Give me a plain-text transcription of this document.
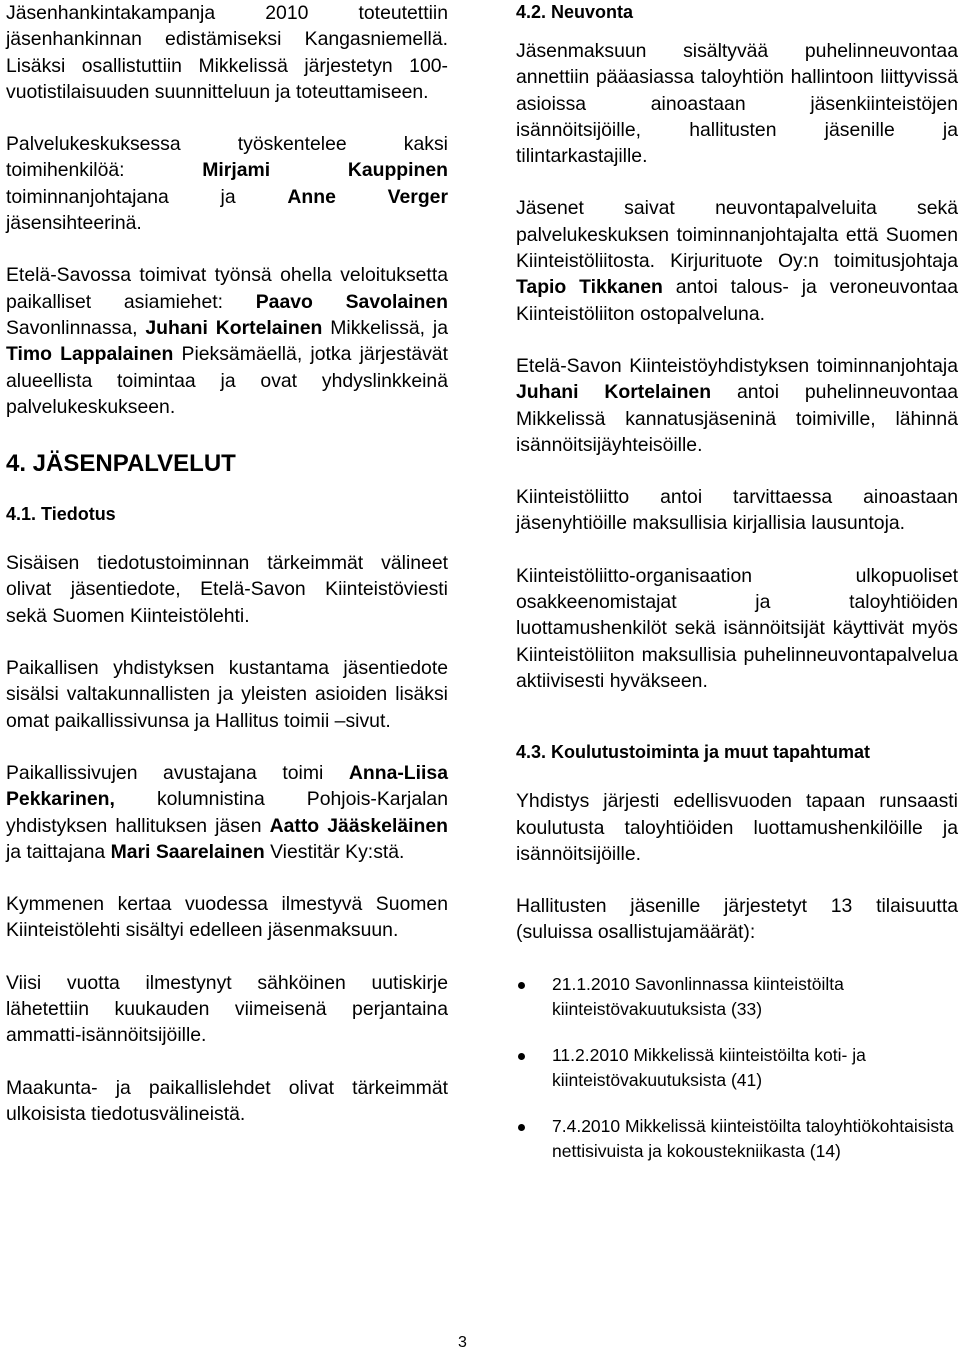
Jäsenhankintakampanja 2010 toteutettiin jäsenhankinnan edistämiseksi Kangasniemellä. Lisäksi osallistuttiin Mikkelissä järjestetyn 100-vuotistilaisuuden suunnitteluun ja toteuttamiseen.

Palvelukeskuksessa työskentelee kaksi toimihenkilöä: Mirjami Kauppinen toiminnanjohtajana ja Anne Verger jäsensihteerinä.

Etelä-Savossa toimivat työnsä ohella veloituksetta paikalliset asiamiehet: Paavo Savolainen Savonlinnassa, Juhani Kortelainen Mikkelissä, ja Timo Lappalainen Pieksämäellä, jotka järjestävät alueellista toimintaa ja ovat yhdyslinkkeinä palvelukeskukseen.

4. JÄSENPALVELUT
4.1. Tiedotus

Sisäisen tiedotustoiminnan tärkeimmät välineet olivat jäsentiedote, Etelä-Savon Kiinteistöviesti sekä Suomen Kiinteistölehti.

Paikallisen yhdistyksen kustantama jäsentiedote sisälsi valtakunnallisten ja yleisten asioiden lisäksi omat paikallissivunsa ja Hallitus toimii –sivut.

Paikallissivujen avustajana toimi Anna-Liisa Pekkarinen, kolumnistina Pohjois-Karjalan yhdistyksen hallituksen jäsen Aatto Jääskeläinen ja taittajana Mari Saarelainen Viestitär Ky:stä.

Kymmenen kertaa vuodessa ilmestyvä Suomen Kiinteistölehti sisältyi edelleen jäsenmaksuun.

Viisi vuotta ilmestynyt sähköinen uutiskirje lähetettiin kuukauden viimeisenä perjantaina ammatti-isännöitsijöille.

Maakunta- ja paikallislehdet olivat tärkeimmät ulkoisista tiedotusvälineistä.

4.2. Neuvonta

Jäsenmaksuun sisältyvää puhelinneuvontaa annettiin pääasiassa taloyhtiön hallintoon liittyvissä asioissa ainoastaan jäsenkiinteistöjen isännöitsijöille, hallitusten jäsenille ja tilintarkastajille.

Jäsenet saivat neuvontapalveluita sekä palvelukeskuksen toiminnanjohtajalta että Suomen Kiinteistöliitosta. Kirjurituote Oy:n toimitusjohtaja Tapio Tikkanen antoi talous- ja veroneuvontaa Kiinteistöliiton ostopalveluna.

Etelä-Savon Kiinteistöyhdistyksen toiminnanjohtaja Juhani Kortelainen antoi puhelinneuvontaa Mikkelissä kannatusjäseninä toimiville, lähinnä isännöitsijäyhteisöille.

Kiinteistöliitto antoi tarvittaessa ainoastaan jäsenyhtiöille maksullisia kirjallisia lausuntoja.

Kiinteistöliitto-organisaation ulkopuoliset osakkeenomistajat ja taloyhtiöiden luottamushenkilöt sekä isännöitsijät käyttivät myös Kiinteistöliiton maksullisia puhelinneuvontapalvelua aktiivisesti hyväkseen.

4.3. Koulutustoiminta ja muut tapahtumat

Yhdistys järjesti edellisvuoden tapaan runsaasti koulutusta taloyhtiöiden luottamushenkilöille ja isännöitsijöille.

Hallitusten jäsenille järjestetyt 13 tilaisuutta (suluissa osallistujamäärät):

21.1.2010 Savonlinnassa kiinteistöilta kiinteistövakuutuksista (33)
11.2.2010 Mikkelissä kiinteistöilta koti- ja kiinteistövakuutuksista (41)
7.4.2010 Mikkelissä kiinteistöilta taloyhtiökohtaisista nettisivuista ja kokoustekniikasta (14)
3
